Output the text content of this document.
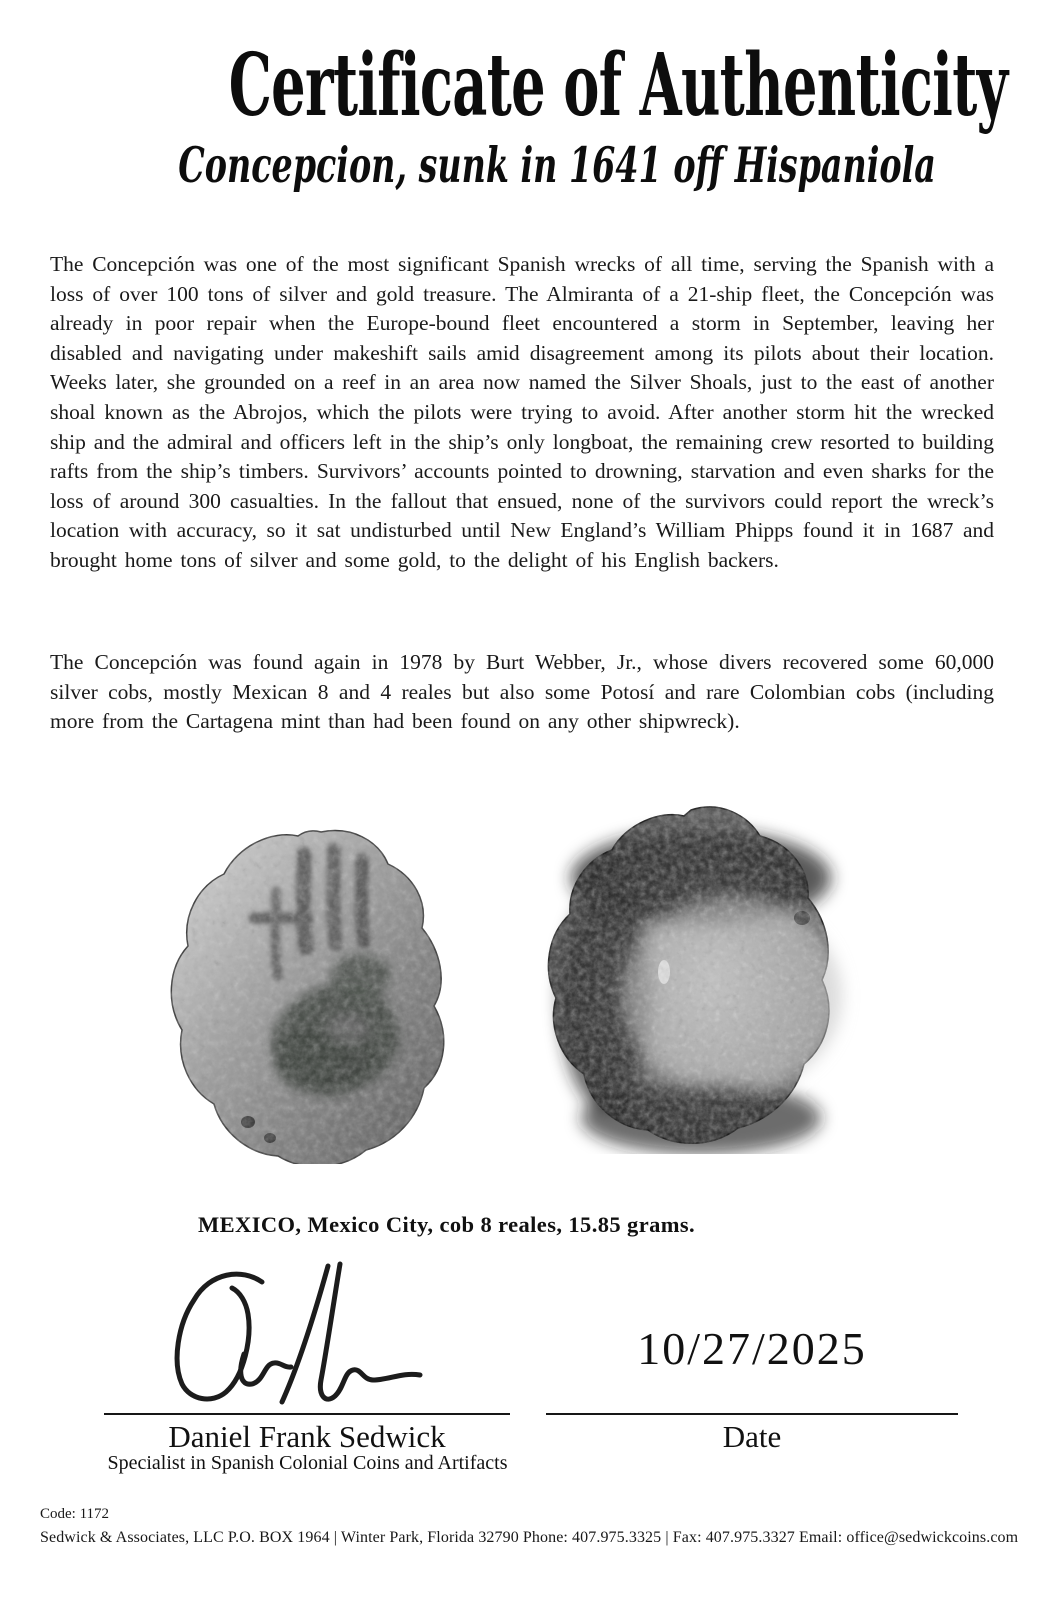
Certificate of Authenticity
Concepcion, sunk in 1641 off Hispaniola

The Concepción was one of the most significant Spanish wrecks of all time, serving the Spanish with a loss of over 100 tons of silver and gold treasure. The Almiranta of a 21-ship fleet, the Concepción was already in poor repair when the Europe-bound fleet encountered a storm in September, leaving her disabled and navigating under makeshift sails amid disagreement among its pilots about their location. Weeks later, she grounded on a reef in an area now named the Silver Shoals, just to the east of another shoal known as the Abrojos, which the pilots were trying to avoid. After another storm hit the wrecked ship and the admiral and officers left in the ship’s only longboat, the remaining crew resorted to building rafts from the ship’s timbers. Survivors’ accounts pointed to drowning, starvation and even sharks for the loss of around 300 casualties. In the fallout that ensued, none of the survivors could report the wreck’s location with accuracy, so it sat undisturbed until New England’s William Phipps found it in 1687 and brought home tons of silver and some gold, to the delight of his English backers.

The Concepción was found again in 1978 by Burt Webber, Jr., whose divers recovered some 60,000 silver cobs, mostly Mexican 8 and 4 reales but also some Potosí and rare Colombian cobs (including more from the Cartagena mint than had been found on any other shipwreck).

MEXICO, Mexico City, cob 8 reales, 15.85 grams.

Daniel Frank Sedwick

Specialist in Spanish Colonial Coins and Artifacts

10/27/2025

Date

Code: 1172

Sedwick & Associates, LLC P.O. BOX 1964 | Winter Park, Florida 32790 Phone: 407.975.3325 | Fax: 407.975.3327 Email: office@sedwickcoins.com
